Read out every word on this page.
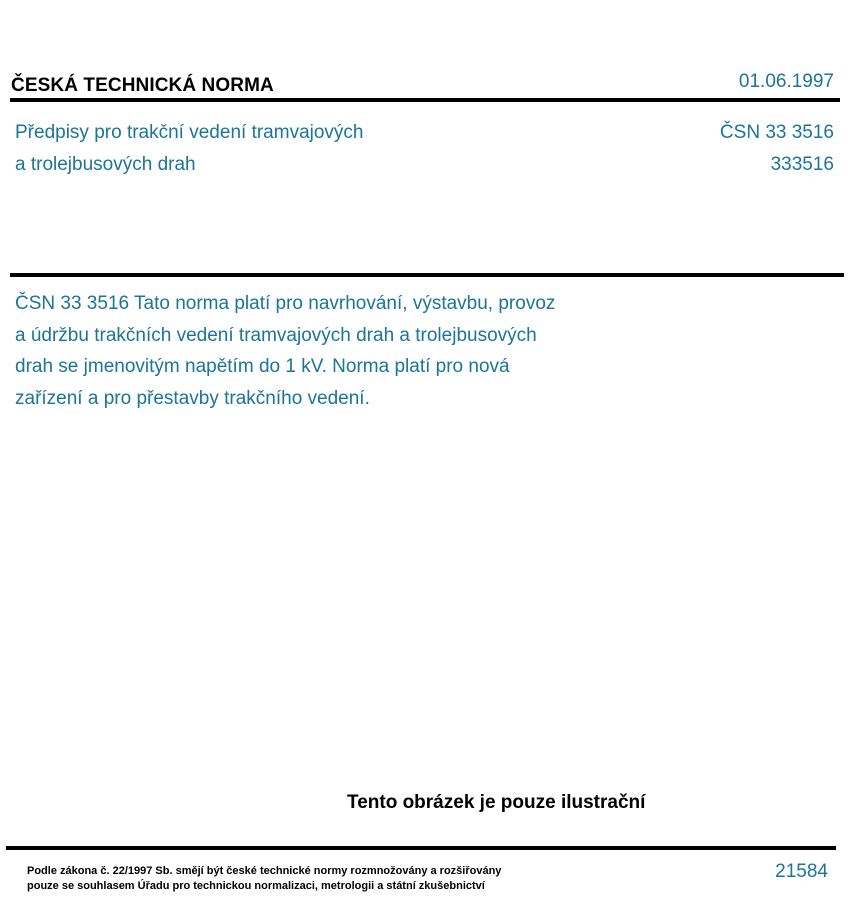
ČESKÁ TECHNICKÁ NORMA	01.06.1997
Předpisy pro trakční vedení tramvajových
a trolejbusových drah
ČSN 33 3516
333516
ČSN 33 3516 Tato norma platí pro navrhování, výstavbu, provoz
a údržbu trakčních vedení tramvajových drah a trolejbusových
drah se jmenovitým napětím do 1 kV. Norma platí pro nová
zařízení a pro přestavby trakčního vedení.
Tento obrázek je pouze ilustrační
Podle zákona č. 22/1997 Sb. smějí být české technické normy rozmnožovány a rozšiřovány
pouze se souhlasem Úřadu pro technickou normalizaci, metrologii a státní zkušebnictví
21584
